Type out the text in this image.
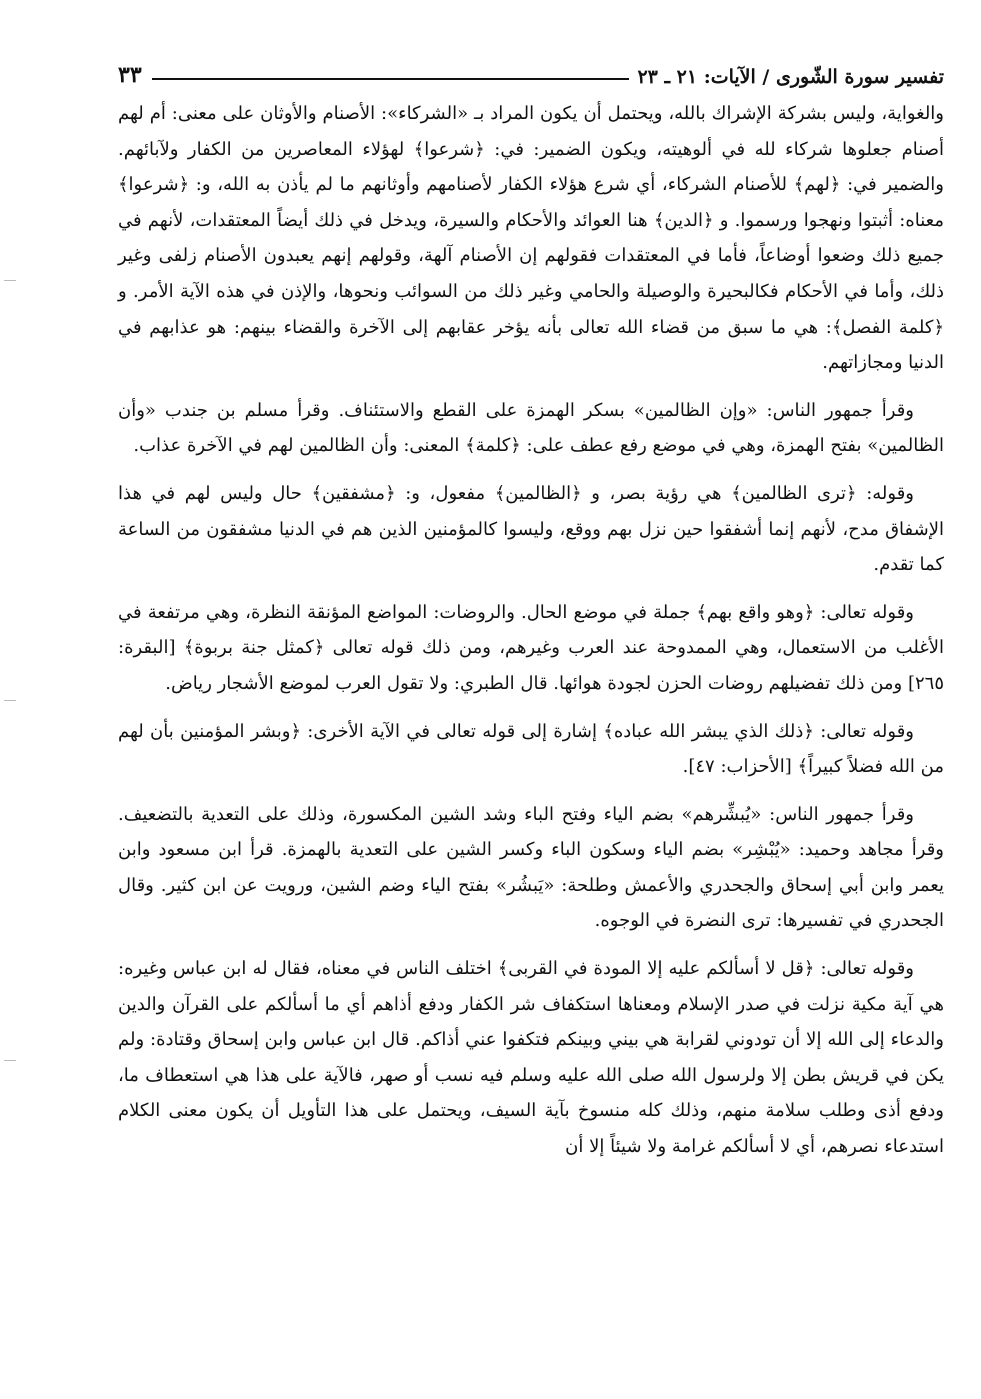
تفسير سورة الشّورى / الآيات: ٢١ ـ ٢٣
٣٣

والغواية، وليس بشركة الإشراك بالله، ويحتمل أن يكون المراد بـ «الشركاء»: الأصنام والأوثان على معنى: أم لهم أصنام جعلوها شركاء لله في ألوهيته، ويكون الضمير: في: ﴿شرعوا﴾ لهؤلاء المعاصرين من الكفار ولآبائهم. والضمير في: ﴿لهم﴾ للأصنام الشركاء، أي شرع هؤلاء الكفار لأصنامهم وأوثانهم ما لم يأذن به الله، و: ﴿شرعوا﴾ معناه: أثبتوا ونهجوا ورسموا. و ﴿الدين﴾ هنا العوائد والأحكام والسيرة، ويدخل في ذلك أيضاً المعتقدات، لأنهم في جميع ذلك وضعوا أوضاعاً، فأما في المعتقدات فقولهم إن الأصنام آلهة، وقولهم إنهم يعبدون الأصنام زلفى وغير ذلك، وأما في الأحكام فكالبحيرة والوصيلة والحامي وغير ذلك من السوائب ونحوها، والإذن في هذه الآية الأمر. و ﴿كلمة الفصل﴾: هي ما سبق من قضاء الله تعالى بأنه يؤخر عقابهم إلى الآخرة والقضاء بينهم: هو عذابهم في الدنيا ومجازاتهم.

وقرأ جمهور الناس: «وإن الظالمين» بسكر الهمزة على القطع والاستئناف. وقرأ مسلم بن جندب «وأن الظالمين» بفتح الهمزة، وهي في موضع رفع عطف على: ﴿كلمة﴾ المعنى: وأن الظالمين لهم في الآخرة عذاب.

وقوله: ﴿ترى الظالمين﴾ هي رؤية بصر، و ﴿الظالمين﴾ مفعول، و: ﴿مشفقين﴾ حال وليس لهم في هذا الإشفاق مدح، لأنهم إنما أشفقوا حين نزل بهم ووقع، وليسوا كالمؤمنين الذين هم في الدنيا مشفقون من الساعة كما تقدم.

وقوله تعالى: ﴿وهو واقع بهم﴾ جملة في موضع الحال. والروضات: المواضع المؤنقة النظرة، وهي مرتفعة في الأغلب من الاستعمال، وهي الممدوحة عند العرب وغيرهم، ومن ذلك قوله تعالى ﴿كمثل جنة بربوة﴾ [البقرة: ٢٦٥] ومن ذلك تفضيلهم روضات الحزن لجودة هوائها. قال الطبري: ولا تقول العرب لموضع الأشجار رياض.

وقوله تعالى: ﴿ذلك الذي يبشر الله عباده﴾ إشارة إلى قوله تعالى في الآية الأخرى: ﴿وبشر المؤمنين بأن لهم من الله فضلاً كبيراً﴾ [الأحزاب: ٤٧].

وقرأ جمهور الناس: «يُبشِّرهم» بضم الياء وفتح الباء وشد الشين المكسورة، وذلك على التعدية بالتضعيف. وقرأ مجاهد وحميد: «يُبْشِر» بضم الياء وسكون الباء وكسر الشين على التعدية بالهمزة. قرأ ابن مسعود وابن يعمر وابن أبي إسحاق والجحدري والأعمش وطلحة: «يَبشُر» بفتح الياء وضم الشين، ورويت عن ابن كثير. وقال الجحدري في تفسيرها: ترى النضرة في الوجوه.

وقوله تعالى: ﴿قل لا أسألكم عليه إلا المودة في القربى﴾ اختلف الناس في معناه، فقال له ابن عباس وغيره: هي آية مكية نزلت في صدر الإسلام ومعناها استكفاف شر الكفار ودفع أذاهم أي ما أسألكم على القرآن والدين والدعاء إلى الله إلا أن تودوني لقرابة هي بيني وبينكم فتكفوا عني أذاكم. قال ابن عباس وابن إسحاق وقتادة: ولم يكن في قريش بطن إلا ولرسول الله صلى الله عليه وسلم فيه نسب أو صهر، فالآية على هذا هي استعطاف ما، ودفع أذى وطلب سلامة منهم، وذلك كله منسوخ بآية السيف، ويحتمل على هذا التأويل أن يكون معنى الكلام استدعاء نصرهم، أي لا أسألكم غرامة ولا شيئاً إلا أن
